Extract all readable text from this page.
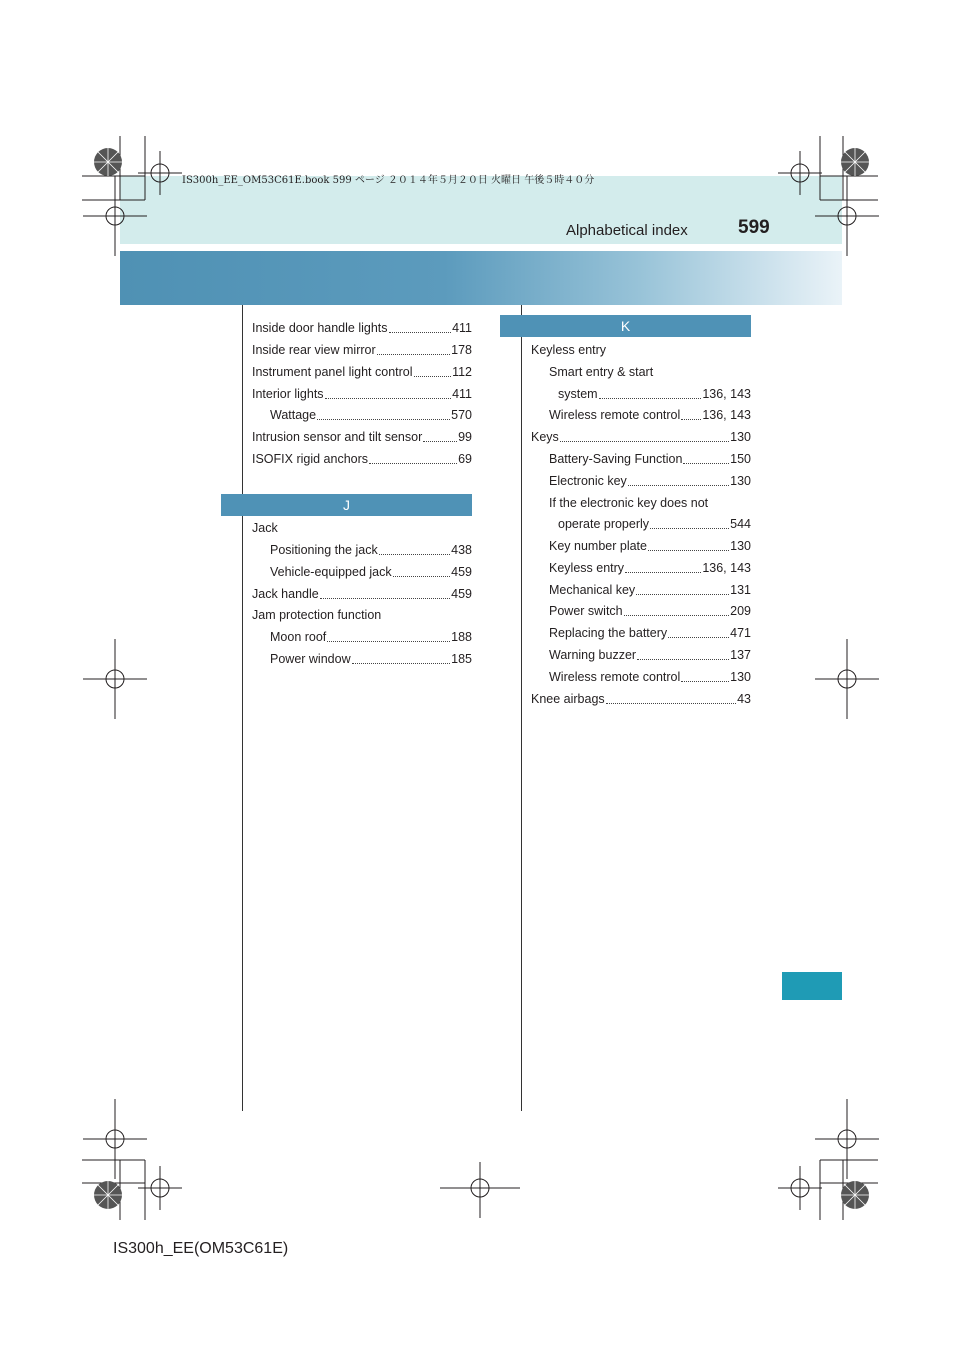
IS300h_EE_OM53C61E.book 599 ページ ２０１４年５月２０日 火曜日 午後５時４０分
Alphabetical index	599
Inside door handle lights	411
Inside rear view mirror	178
Instrument panel light control	112
Interior lights	411
Wattage	570
Intrusion sensor and tilt sensor	99
ISOFIX rigid anchors	69
J
Jack
Positioning the jack	438
Vehicle-equipped jack	459
Jack handle	459
Jam protection function
Moon roof	188
Power window	185
K
Keyless entry
Smart entry & start
system	136, 143
Wireless remote control 136, 143
Keys	130
Battery-Saving Function	150
Electronic key	130
If the electronic key does not
operate properly	544
Key number plate	130
Keyless entry	136, 143
Mechanical key	131
Power switch	209
Replacing the battery	471
Warning buzzer	137
Wireless remote control	130
Knee airbags	43
IS300h_EE(OM53C61E)
